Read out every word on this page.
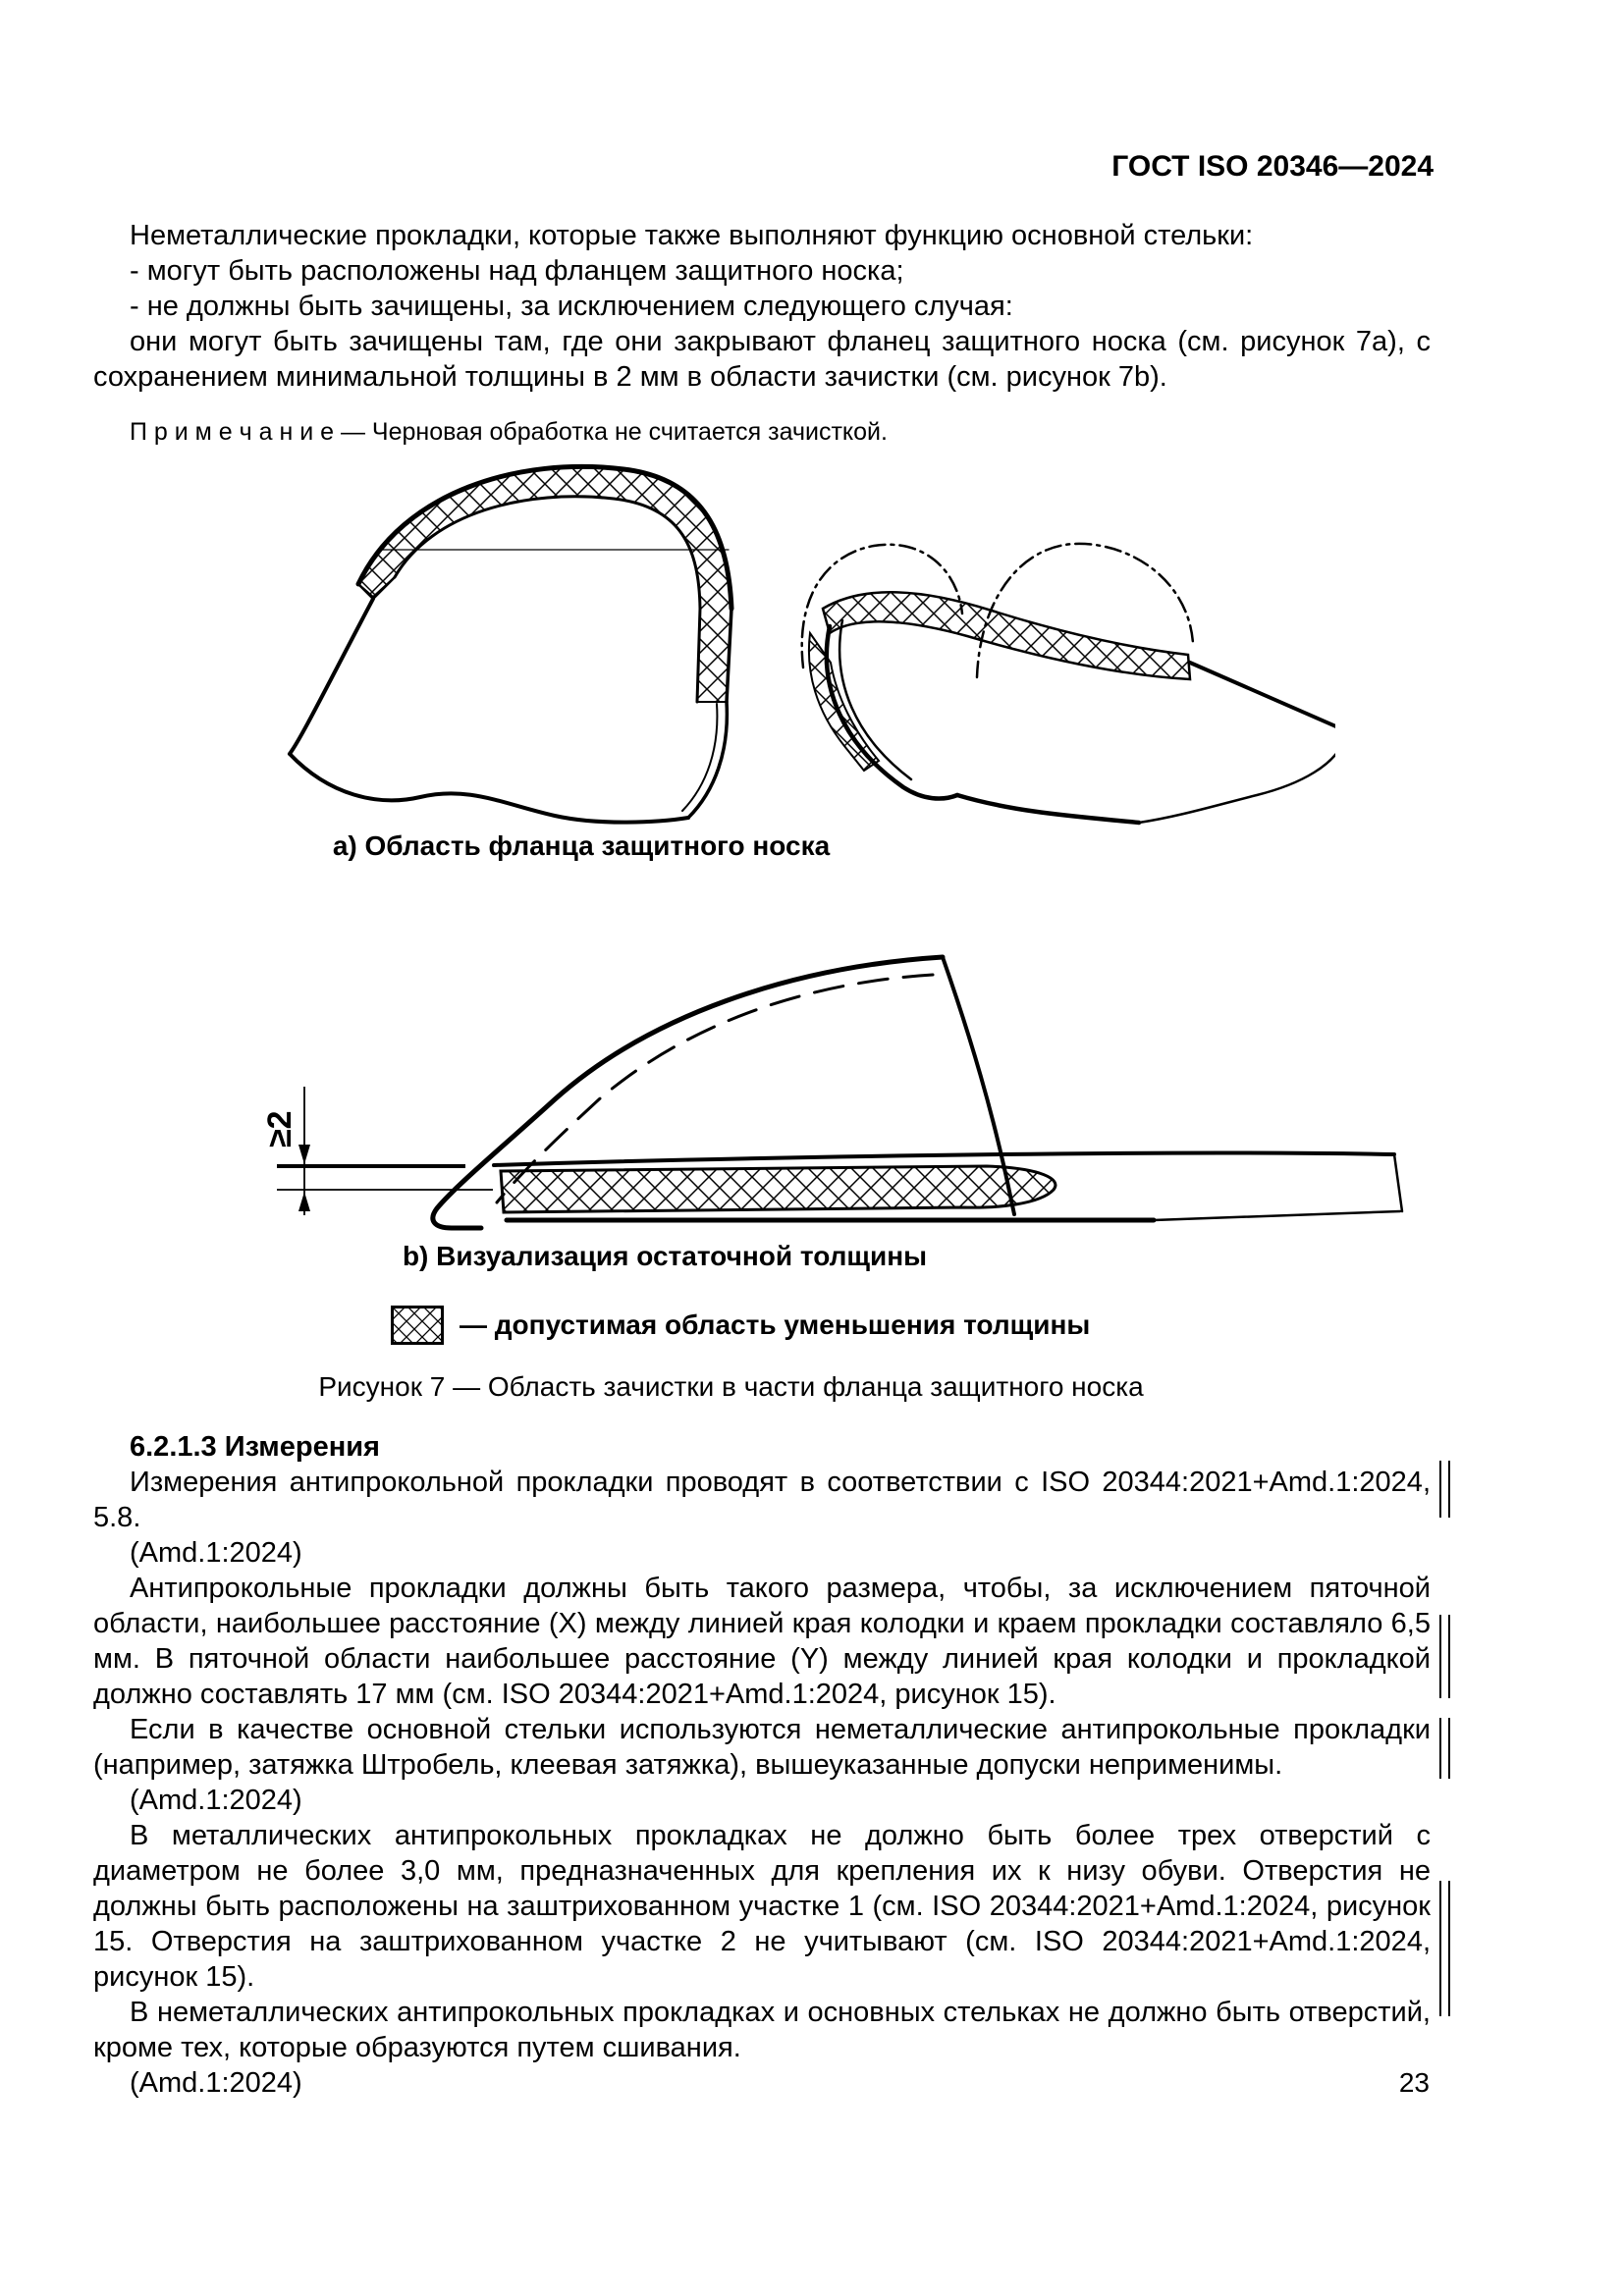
ГОСТ ISO 20346—2024

Неметаллические прокладки, которые также выполняют функцию основной стельки:

- могут быть расположены над фланцем защитного носка;

- не должны быть зачищены, за исключением следующего случая:

они могут быть зачищены там, где они закрывают фланец защитного носка (см. рисунок 7a), с сохранением минимальной толщины в 2 мм в области зачистки (см. рисунок 7b).

П р и м е ч а н и е — Черновая обработка не считается зачисткой.

a) Область фланца защитного носка
≥2
b) Визуализация остаточной толщины
— допустимая область уменьшения толщины
Рисунок 7 — Область зачистки в части фланца защитного носка

6.2.1.3 Измерения

Измерения антипрокольной прокладки проводят в соответствии с ISO 20344:2021+Amd.1:2024, 5.8.

(Amd.1:2024)

Антипрокольные прокладки должны быть такого размера, чтобы, за исключением пяточной области, наибольшее расстояние (X) между линией края колодки и краем прокладки составляло 6,5 мм. В пяточной области наибольшее расстояние (Y) между линией края колодки и прокладкой должно составлять 17 мм (см. ISO 20344:2021+Amd.1:2024, рисунок 15).

Если в качестве основной стельки используются неметаллические антипрокольные прокладки (например, затяжка Штробель, клеевая затяжка), вышеуказанные допуски неприменимы.

(Amd.1:2024)

В металлических антипрокольных прокладках не должно быть более трех отверстий с диаметром не более 3,0 мм, предназначенных для крепления их к низу обуви. Отверстия не должны быть расположены на заштрихованном участке 1 (см. ISO 20344:2021+Amd.1:2024, рисунок 15. Отверстия на заштрихованном участке 2 не учитывают (см. ISO 20344:2021+Amd.1:2024, рисунок 15).

В неметаллических антипрокольных прокладках и основных стельках не должно быть отверстий, кроме тех, которые образуются путем сшивания.

(Amd.1:2024)	23
